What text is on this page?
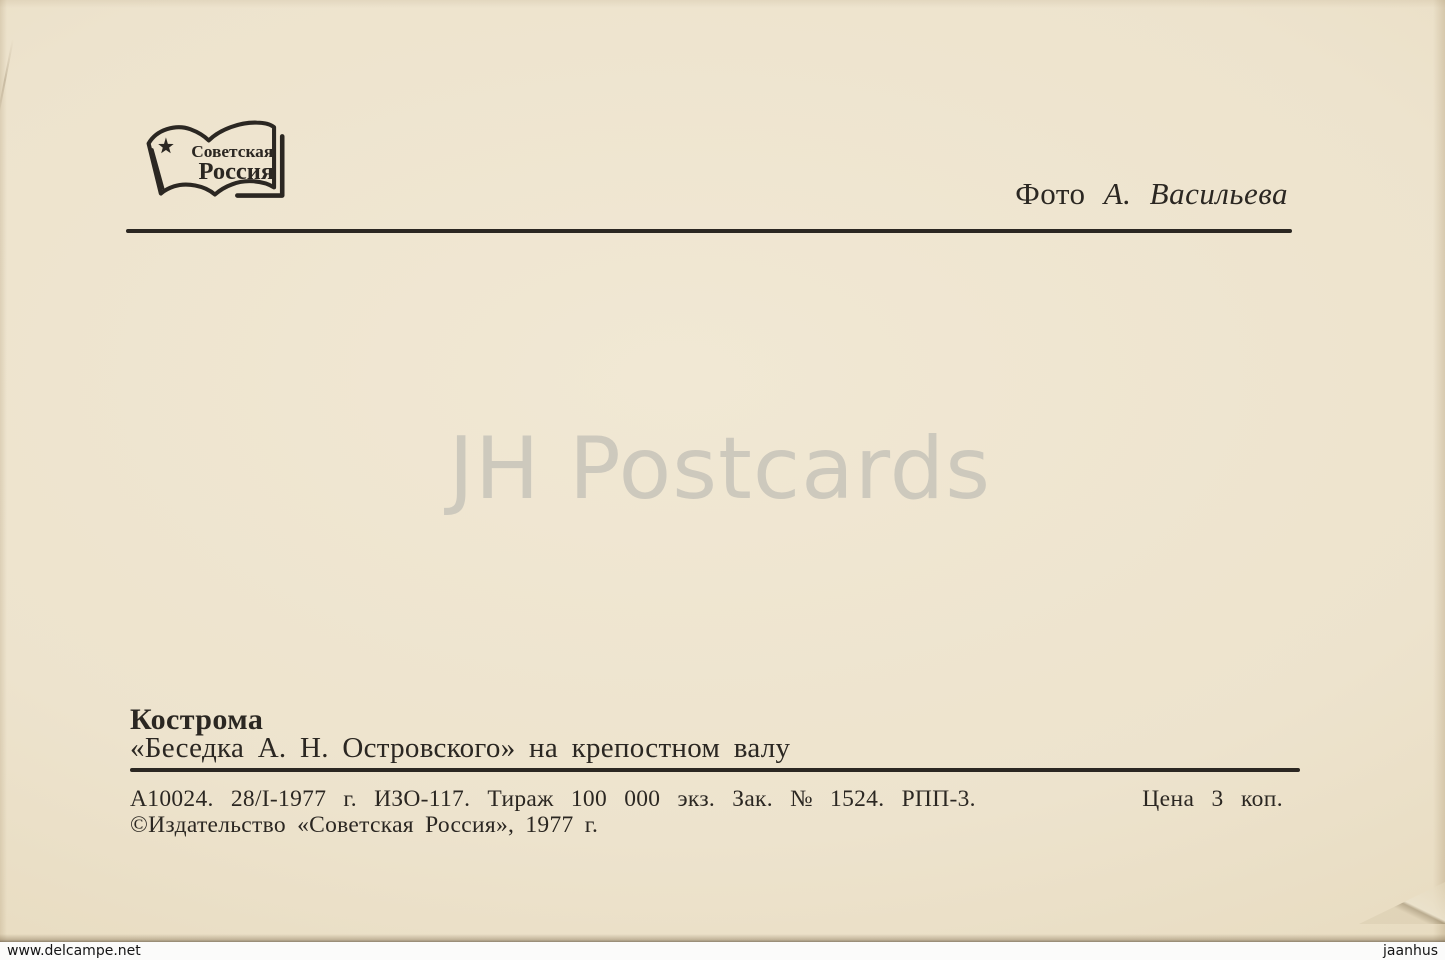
Советская
Россия
Фото А. Васильева
JH Postcards
Кострома
«Беседка А. Н. Островского» на крепостном валу
А10024. 28/I-1977 г. ИЗО-117. Тираж 100 000 экз. Зак. № 1524. РПП-3.	Цена 3 коп.
©Издательство «Советская Россия», 1977 г.
www.delcampe.net	jaanhus
